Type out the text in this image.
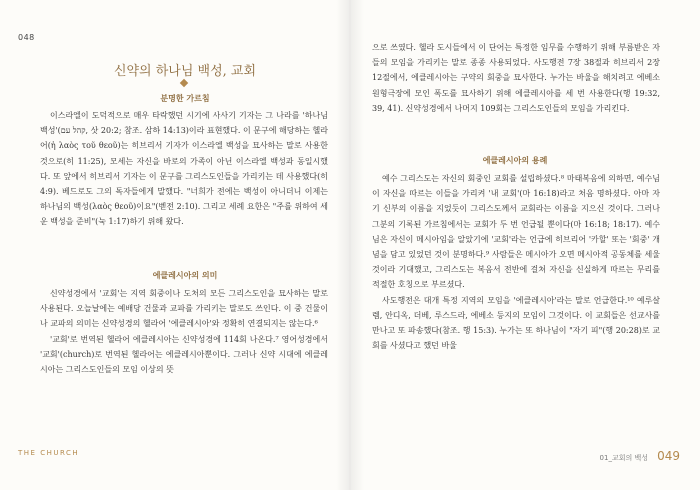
048
신약의 하나님 백성, 교회
분명한 가르침

이스라엘이 도덕적으로 매우 타락했던 시기에 사사기 기자는 그 나라를 '하나님 백성'(קהל עם, 삿 20:2; 참조. 삼하 14:13)이라 표현했다. 이 문구에 해당하는 헬라어(ἡ λαὸς τοῦ θεοῦ)는 히브리서 기자가 이스라엘 백성을 묘사하는 말로 사용한 것으로(히 11:25), 모세는 자신을 바로의 가족이 아닌 이스라엘 백성과 동일시했다. 또 앞에서 히브리서 기자는 이 문구를 그리스도인들을 가리키는 데 사용했다(히 4:9). 베드로도 그의 독자들에게 말했다. "너희가 전에는 백성이 아니더니 이제는 하나님의 백성(λαὸς θεοῦ)이요"(벧전 2:10). 그리고 세례 요한은 "주를 위하여 세운 백성을 준비"(눅 1:17)하기 위해 왔다.

에클레시아의 의미

신약성경에서 '교회'는 지역 회중이나 도처의 모든 그리스도인을 묘사하는 말로 사용된다. 오늘날에는 예배당 건물과 교파를 가리키는 말로도 쓰인다. 이 중 건물이나 교파의 의미는 신약성경의 헬라어 '에클레시아'와 정확히 연결되지는 않는다.⁶

'교회'로 번역된 헬라어 에클레시아는 신약성경에 114회 나온다.⁷ 영어성경에서 '교회'(church)로 번역된 헬라어는 에클레시아뿐이다. 그러나 신약 시대에 에클레시아는 그리스도인들의 모임 이상의 뜻

THE CHURCH

으로 쓰였다. 헬라 도시들에서 이 단어는 특정한 임무를 수행하기 위해 부름받은 자들의 모임을 가리키는 말로 종종 사용되었다. 사도행전 7장 38절과 히브리서 2장 12절에서, 에클레시아는 구약의 회중을 묘사한다. 누가는 바울을 해치려고 에베소 원형극장에 모인 폭도를 묘사하기 위해 에클레시아를 세 번 사용한다(행 19:32, 39, 41). 신약성경에서 나머지 109회는 그리스도인들의 모임을 가리킨다.

에클레시아의 용례

예수 그리스도는 자신의 회중인 교회를 설립하셨다.⁸ 마태복음에 의하면, 예수님이 자신을 따르는 이들을 가리켜 '내 교회'(마 16:18)라고 처음 명하셨다. 아마 자기 신부의 이름을 지었듯이 그리스도께서 교회라는 이름을 지으신 것이다. 그러나 그분의 기록된 가르침에서는 교회가 두 번 언급될 뿐이다(마 16:18; 18:17). 예수님은 자신이 메시아임을 알았기에 '교회'라는 언급에 히브리어 '카할' 또는 '회중' 개념을 담고 있었던 것이 분명하다.⁹ 사람들은 메시아가 오면 메시아적 공동체를 세울 것이라 기대했고, 그리스도는 복음서 전반에 걸쳐 자신을 신실하게 따르는 무리를 적절한 호칭으로 부르셨다.

사도행전은 대개 특정 지역의 모임을 '에클레시아'라는 말로 언급한다.¹⁰ 예루살렘, 안디옥, 더베, 루스드라, 에베소 등지의 모임이 그것이다. 이 교회들은 선교사를 만나고 또 파송했다(참조. 행 15:3). 누가는 또 하나님이 "자기 피"(행 20:28)로 교회를 사셨다고 했던 바울

01_교회의 백성 049
